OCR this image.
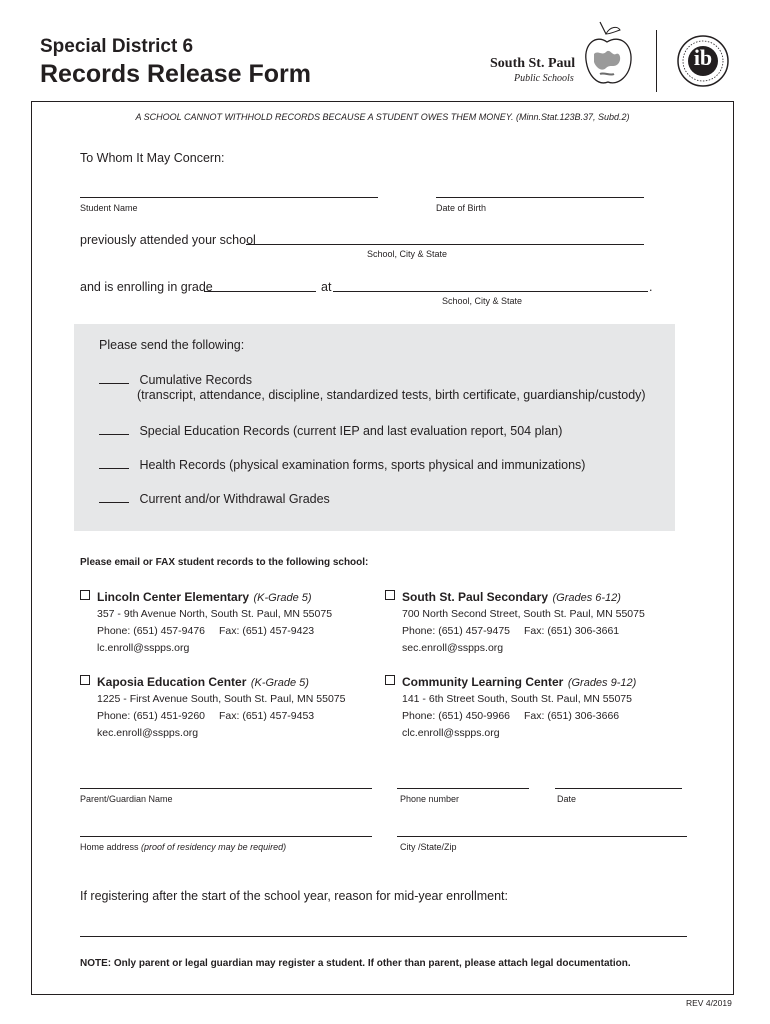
Special District 6
Records Release Form	South St. Paul
Public Schools
ib
A SCHOOL CANNOT WITHHOLD RECORDS BECAUSE A STUDENT OWES THEM MONEY. (Minn.Stat.123B.37, Subd.2)
To Whom It May Concern:
Student Name	Date of Birth
previously attended your school
School, City & State
and is enrolling in grade	at	.
School, City & State
Please send the following:
Cumulative Records
(transcript, attendance, discipline, standardized tests, birth certificate, guardianship/custody)
Special Education Records (current IEP and last evaluation report, 504 plan)
Health Records (physical examination forms, sports physical and immunizations)
Current and/or Withdrawal Grades
Please email or FAX student records to the following school:
Lincoln Center Elementary (K-Grade 5)
357 - 9th Avenue North, South St. Paul, MN 55075
Phone: (651) 457-9476 Fax: (651) 457-9423
lc.enroll@sspps.org
South St. Paul Secondary (Grades 6-12)
700 North Second Street, South St. Paul, MN 55075
Phone: (651) 457-9475 Fax: (651) 306-3661
sec.enroll@sspps.org
Kaposia Education Center (K-Grade 5)
1225 - First Avenue South, South St. Paul, MN 55075
Phone: (651) 451-9260 Fax: (651) 457-9453
kec.enroll@sspps.org
Community Learning Center (Grades 9-12)
141 - 6th Street South, South St. Paul, MN 55075
Phone: (651) 450-9966 Fax: (651) 306-3666
clc.enroll@sspps.org
Parent/Guardian Name	Phone number	Date
Home address (proof of residency may be required)	City /State/Zip
If registering after the start of the school year, reason for mid-year enrollment:
NOTE: Only parent or legal guardian may register a student. If other than parent, please attach legal documentation.
REV 4/2019
